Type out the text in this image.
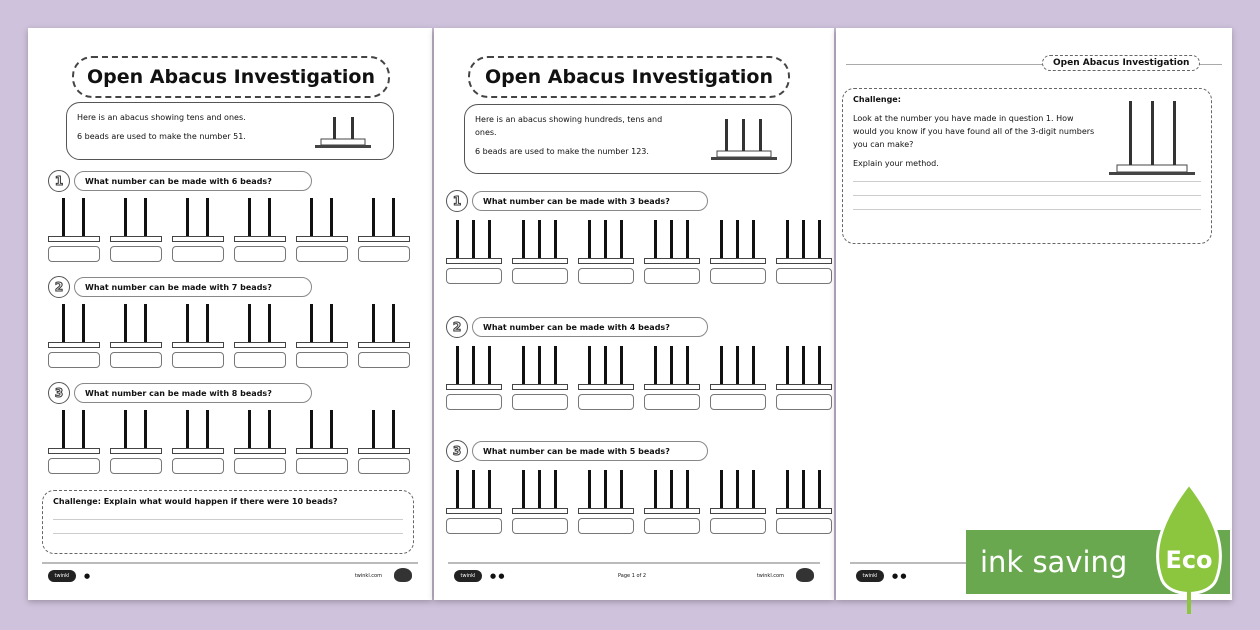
Open Abacus Investigation

Here is an abacus showing tens and ones.

6 beads are used to make the number 51.

1	What number can be made with 6 beads?
2	What number can be made with 7 beads?
3	What number can be made with 8 beads?
Challenge: Explain what would happen if there were 10 beads?
twinkl	●	twinkl.com
Open Abacus Investigation

Here is an abacus showing hundreds, tens and ones.

6 beads are used to make the number 123.

1	What number can be made with 3 beads?
2	What number can be made with 4 beads?
3	What number can be made with 5 beads?
twinkl	● ●	Page 1 of 2	twinkl.com
Open Abacus Investigation
Challenge:
Look at the number you have made in question 1. How would you know if you have found all of the 3-digit numbers you can make?
Explain your method.
twinkl	● ●	ink saving Eco
